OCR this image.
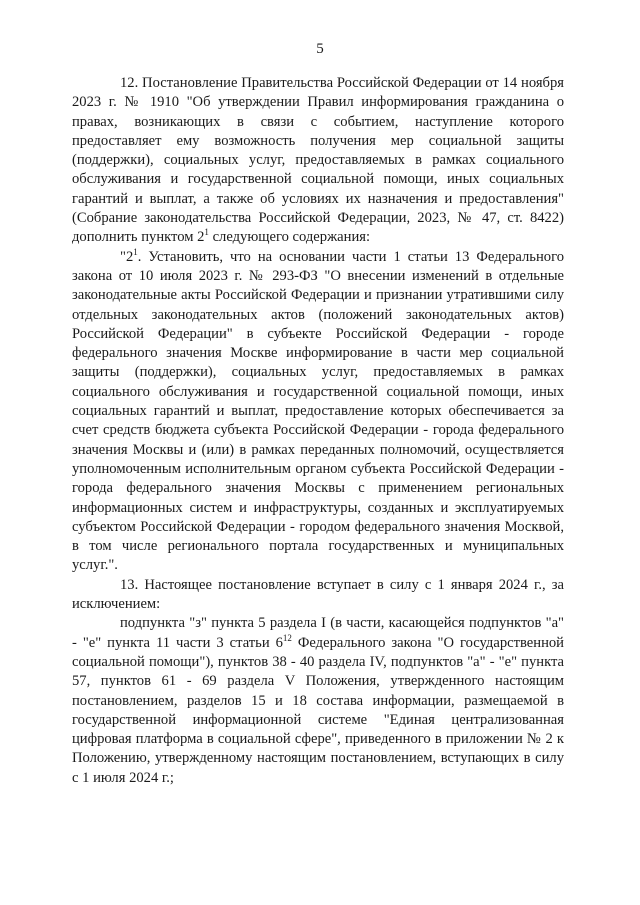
5

12. Постановление Правительства Российской Федерации от 14 ноября 2023 г. № 1910 "Об утверждении Правил информирования гражданина о правах, возникающих в связи с событием, наступление которого предоставляет ему возможность получения мер социальной защиты (поддержки), социальных услуг, предоставляемых в рамках социального обслуживания и государственной социальной помощи, иных социальных гарантий и выплат, а также об условиях их назначения и предоставления" (Собрание законодательства Российской Федерации, 2023, № 47, ст. 8422) дополнить пунктом $2^1$ следующего содержания:

"$2^1$. Установить, что на основании части 1 статьи 13 Федерального закона от 10 июля 2023 г. № 293-ФЗ "О внесении изменений в отдельные законодательные акты Российской Федерации и признании утратившими силу отдельных законодательных актов (положений законодательных актов) Российской Федерации" в субъекте Российской Федерации - городе федерального значения Москве информирование в части мер социальной защиты (поддержки), социальных услуг, предоставляемых в рамках социального обслуживания и государственной социальной помощи, иных социальных гарантий и выплат, предоставление которых обеспечивается за счет средств бюджета субъекта Российской Федерации - города федерального значения Москвы и (или) в рамках переданных полномочий, осуществляется уполномоченным исполнительным органом субъекта Российской Федерации - города федерального значения Москвы с применением региональных информационных систем и инфраструктуры, созданных и эксплуатируемых субъектом Российской Федерации - городом федерального значения Москвой, в том числе регионального портала государственных и муниципальных услуг.".

13. Настоящее постановление вступает в силу с 1 января 2024 г., за исключением:

подпункта "з" пункта 5 раздела I (в части, касающейся подпунктов "а" - "е" пункта 11 части 3 статьи $6^{12}$ Федерального закона "О государственной социальной помощи"), пунктов 38 - 40 раздела IV, подпунктов "а" - "е" пункта 57, пунктов 61 - 69 раздела V Положения, утвержденного настоящим постановлением, разделов 15 и 18 состава информации, размещаемой в государственной информационной системе "Единая централизованная цифровая платформа в социальной сфере", приведенного в приложении № 2 к Положению, утвержденному настоящим постановлением, вступающих в силу с 1 июля 2024 г.;
